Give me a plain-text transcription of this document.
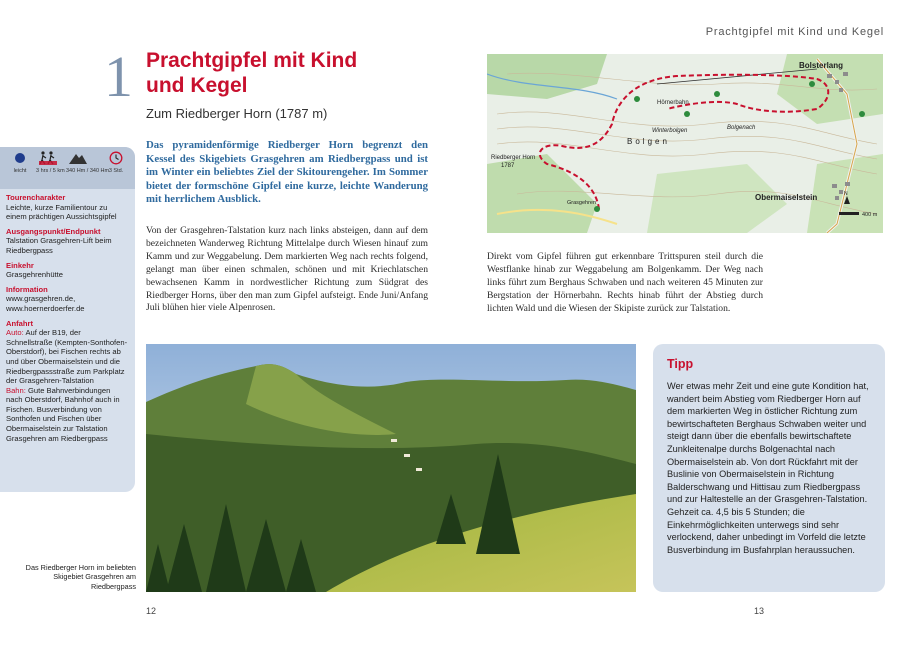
Prachtgipfel mit Kind und Kegel
1 Prachtgipfel mit Kind
und Kegel
Zum Riedberger Horn (1787 m)
leicht	3 hrs / 5 km 340 Hm / 340 Hm 3 Std.
Tourencharakter
Leichte, kurze Familientour zu einem prächtigen Aussichtsgipfel
Ausgangspunkt/Endpunkt
Talstation Grasgehren-Lift beim Riedbergpass
Einkehr
Grasgehrenhütte
Information
www.grasgehren.de, www.hoernerdoerfer.de
Anfahrt
Auto: Auf der B19, der Schnellstraße (Kempten-Sonthofen-Oberstdorf), bei Fischen rechts ab und über Obermaiselstein und die Riedbergpassstraße zum Parkplatz der Grasgehren-Talstation
Bahn: Gute Bahnverbindungen nach Oberstdorf, Bahnhof auch in Fischen. Busverbindung von Sonthofen und Fischen über Obermaiselstein zur Talstation Grasgehren am Riedbergpass
Das pyramidenförmige Riedberger Horn begrenzt den Kessel des Skigebiets Grasgehren am Riedbergpass und ist im Winter ein beliebtes Ziel der Skitourengeher. Im Sommer bietet der formschöne Gipfel eine kurze, leichte Wanderung mit herrlichem Ausblick.
Von der Grasgehren-Talstation kurz nach links absteigen, dann auf dem bezeichneten Wanderweg Richtung Mittelalpe durch Wiesen hinauf zum Kamm und zur Weggabelung. Dem markierten Weg nach rechts folgend, gelangt man über einen schmalen, schönen und mit Kriechlatschen bewachsenen Kamm in nordwestlicher Richtung zum Südgrat des Riedberger Horns, über den man zum Gipfel aufsteigt. Ende Juni/Anfang Juli blühen hier viele Alpenrosen.
Direkt vom Gipfel führen gut erkennbare Trittspuren steil durch die Westflanke hinab zur Weggabelung am Bolgenkamm. Der Weg nach links führt zum Berghaus Schwaben und nach weiteren 45 Minuten zur Bergstation der Hörnerbahn. Rechts hinab führt der Abstieg durch lichten Wald und die Wiesen der Skipiste zurück zur Talstation.
Bolsterlang
Obermaiselstein
Riedberger Horn
1787
Hörnerbahn
Bolgen
Winterbolgen
Grasgehren
Bolgenach
N
400 m
Das Riedberger Horn im beliebten Skigebiet Grasgehren am Riedbergpass
Tipp
Wer etwas mehr Zeit und eine gute Kondition hat, wandert beim Abstieg vom Riedberger Horn auf dem markierten Weg in östlicher Richtung zum bewirtschafteten Berghaus Schwaben weiter und steigt dann über die ebenfalls bewirtschaftete Zunkleitenalpe durchs Bolgenachtal nach Obermaiselstein ab. Von dort Rückfahrt mit der Buslinie von Obermaiselstein in Richtung Balderschwang und Hittisau zum Riedbergpass und zur Haltestelle an der Grasgehren-Talstation. Gehzeit ca. 4,5 bis 5 Stunden; die Einkehrmöglichkeiten unterwegs sind sehr verlockend, daher unbedingt im Vorfeld die letzte Busverbindung im Busfahrplan heraussuchen.
12	13
